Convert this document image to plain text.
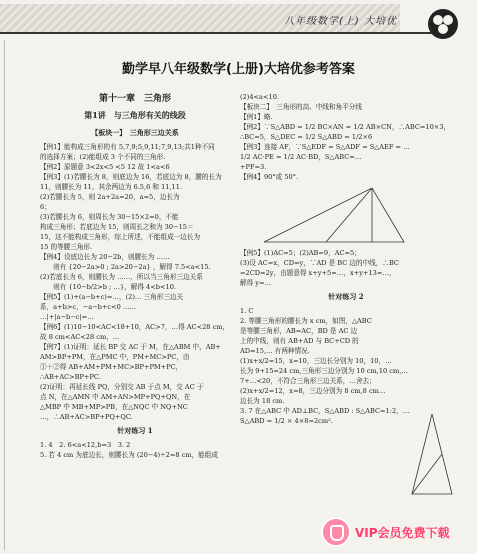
八年级数学(上) 大培优
勤学早八年级数学(上册)大培优参考答案
第十一章　三角形
第1讲　与三角形有关的线段
【板块一】　三角形三边关系
【例1】能构成三角形的有 5,7,9;5,9,11;7,9,13;共1种不同
的选择方案；(2)能组成 3 个不同的三角形.
【例2】原题意 3<2x<5 <5 12 故 1<a<6
【例3】(1)若腰长为 8，则底边为 16，若底边为 8，腰的长为
11，则腰长为 11，其余两边为 6.5,6 和 11,11.
(2)若腰长为 5，则 2a+2a=20，a=5，边长为
6；
(3)若腰长为 6，则周长为 30−15×2=0，不能
构成三角形；若底边为 15，则周长之和为 30−15＝
15，这不能构成三角形，综上所述，不能组成一边长为
15 的等腰三角形.
【例4】设底边长为 20−2b，则腰长为 ……
　　则有 {20−2a>0 ; 2a>20−2a} ，解得 7.5<a<15.
(2)若底长为 6，则腰长为 ……，所以当三角形三边关系
　　则有 {10−b/2>b ; …}，解得 4<b<10.
【例5】(1)+(a−b+c)=…，(2)… 三角形三边关
系，a+b>c，−a−b+c<0 ……
…|+|a−b−c|=…
【例6】(1)10−10<AC<18+10，AC>7，…得 AC<28 cm，
故 8 cm<AC<28 cm，…
【例7】(1)证明：延长 BP 交 AC 于 M，在△ABM 中，AB+
AM>BP+PM，在△PMC 中，PM+MC>PC，由
①＋②得 AB+AM+PM+MC>BP+PM+PC，
∴AB+AC>BP+PC.
(2)证明：再延长线 PQ，分别交 AB 于点 M，交 AC 于
点 N，在△AMN 中 AM+AN>MP+PQ+QN，在
△MBP 中 MB+MP>PB，在△NQC 中 NQ+NC
…，∴AB+AC>BP+PQ+QC.
针对练习 1
1. 4　2. 6<a<12,b=3　3. 2
5. 若 4 cm 为底边长，则腰长为 (20−4)÷2=8 cm，能组成
(2)4<a<10.
【板块二】　三角形的高、中线和角平分线
【例1】略.
【例2】∵S△ABD = 1/2 BC×AN = 1/2 AB×CN，∴ABC=10×3，
∴BC=5，S△DEC = 1/2 S△ABD = 1/2×6
【例3】连接 AF，∵S△EDF = S△ADF = S△AEF = …
1/2 AC·PE = 1/2 AC·BD，S△ABC=…
+PF=3.
【例4】90°或 50°.
【例5】(1)AC=5；(2)AB=9，AC=5；
(3)设 AC=x，CD=y，∵AD 是 BC 边的中线，∴BC
=2CD=2y，由题意得 x+y+5=…，x+y+13=…，
解得 y=…
针对练习 2
1. C
2. 等腰三角形的腰长为 x cm，如图，△ABC
是等腰三角形，AB=AC，BD 是 AC 边
上的中线，则有 AB+AD 与 BC+CD 的
AD=15,… 有两种情况.
(1)x+x/2=15，x=10，三边长分别为 10，10，…
长为 9+15=24 cm,三角形三边分别为 10 cm,10 cm,…
7+…<20，不符合三角形三边关系，…舍去；
(2)x+x/2=12，x=8，三边分别为 8 cm,8 cm…
边长为 18 cm.
3. 7 在△ABC 中 AD⊥BC，S△ABD : S△ABC=1:2，…
S△ABD = 1/2 × 4×8=2cm².
VIP会员免费下载
